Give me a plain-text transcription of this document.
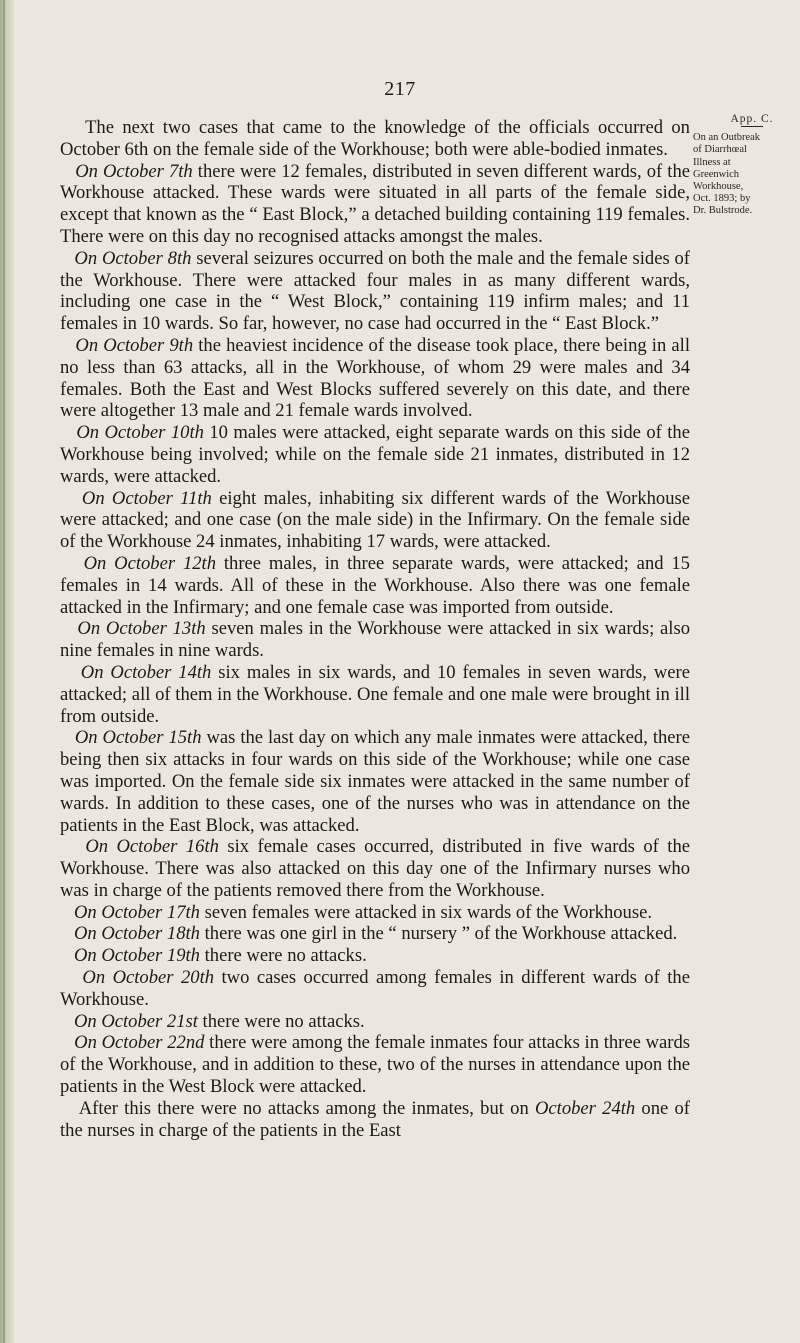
217

The next two cases that came to the knowledge of the officials occurred on October 6th on the female side of the Workhouse; both were able-bodied inmates.

On October 7th there were 12 females, distributed in seven different wards, of the Workhouse attacked. These wards were situated in all parts of the female side, except that known as the “ East Block,” a detached building containing 119 females. There were on this day no recognised attacks amongst the males.

On October 8th several seizures occurred on both the male and the female sides of the Workhouse. There were attacked four males in as many different wards, including one case in the “ West Block,” containing 119 infirm males; and 11 females in 10 wards. So far, however, no case had occurred in the “ East Block.”

On October 9th the heaviest incidence of the disease took place, there being in all no less than 63 attacks, all in the Workhouse, of whom 29 were males and 34 females. Both the East and West Blocks suffered severely on this date, and there were altogether 13 male and 21 female wards involved.

On October 10th 10 males were attacked, eight separate wards on this side of the Workhouse being involved; while on the female side 21 inmates, distributed in 12 wards, were attacked.

On October 11th eight males, inhabiting six different wards of the Workhouse were attacked; and one case (on the male side) in the Infirmary. On the female side of the Workhouse 24 inmates, inhabiting 17 wards, were attacked.

On October 12th three males, in three separate wards, were attacked; and 15 females in 14 wards. All of these in the Workhouse. Also there was one female attacked in the Infirmary; and one female case was imported from outside.

On October 13th seven males in the Workhouse were attacked in six wards; also nine females in nine wards.

On October 14th six males in six wards, and 10 females in seven wards, were attacked; all of them in the Workhouse. One female and one male were brought in ill from outside.

On October 15th was the last day on which any male inmates were attacked, there being then six attacks in four wards on this side of the Workhouse; while one case was imported. On the female side six inmates were attacked in the same number of wards. In addition to these cases, one of the nurses who was in attendance on the patients in the East Block, was attacked.

On October 16th six female cases occurred, distributed in five wards of the Workhouse. There was also attacked on this day one of the Infirmary nurses who was in charge of the patients removed there from the Workhouse.

On October 17th seven females were attacked in six wards of the Workhouse.

On October 18th there was one girl in the “ nursery ” of the Workhouse attacked.

On October 19th there were no attacks.

On October 20th two cases occurred among females in different wards of the Workhouse.

On October 21st there were no attacks.

On October 22nd there were among the female inmates four attacks in three wards of the Workhouse, and in addition to these, two of the nurses in attendance upon the patients in the West Block were attacked.

After this there were no attacks among the inmates, but on October 24th one of the nurses in charge of the patients in the East

App. C.
On an Outbreak
of Diarrhœal
Illness at
Greenwich
Workhouse,
Oct. 1893; by
Dr. Bulstrode.
